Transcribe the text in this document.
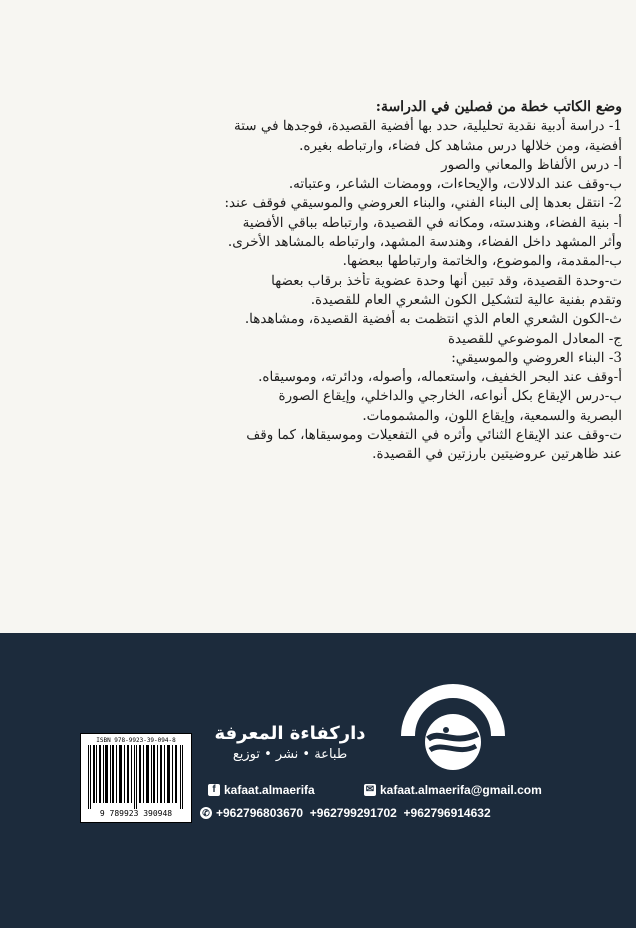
وضع الكاتب خطة من فصلين في الدراسة:
1- دراسة أدبية نقدية تحليلية، حدد بها أفضية القصيدة، فوجدها في ستة
أفضية، ومن خلالها درس مشاهد كل فضاء، وارتباطه بغيره.
أ- درس الألفاظ والمعاني والصور
ب-وقف عند الدلالات، والإيحاءات، وومضات الشاعر، وعتباته.
2- انتقل بعدها إلى البناء الفني، والبناء العروضي والموسيقي فوقف عند:
أ- بنية الفضاء، وهندسته، ومكانه في القصيدة، وارتباطه بباقي الأفضية
وأثر المشهد داخل الفضاء، وهندسة المشهد، وارتباطه بالمشاهد الأخرى.
ب-المقدمة، والموضوع، والخاتمة وارتباطها ببعضها.
ت-وحدة القصيدة، وقد تبين أنها وحدة عضوية تأخذ برقاب بعضها
وتقدم بفنية عالية لتشكيل الكون الشعري العام للقصيدة.
ث-الكون الشعري العام الذي انتظمت به أفضية القصيدة، ومشاهدها.
ج- المعادل الموضوعي للقصيدة
3- البناء العروضي والموسيقي:
أ-وقف عند البحر الخفيف، واستعماله، وأصوله، ودائرته، وموسيقاه.
ب-درس الإيقاع بكل أنواعه، الخارجي والداخلي، وإيقاع الصورة
البصرية والسمعية، وإيقاع اللون، والمشمومات.
ت-وقف عند الإيقاع الثنائي وأثره في التفعيلات وموسيقاها، كما وقف
عند ظاهرتين عروضيتين بارزتين في القصيدة.
داركفاءة المعرفة
طباعة • نشر • توزيع
ISBN 978-9923-39-094-8
9 789923 390948
f kafaat.almaerifa	✉ kafaat.almaerifa@gmail.com
✆ +962796803670  +962799291702  +962796914632
